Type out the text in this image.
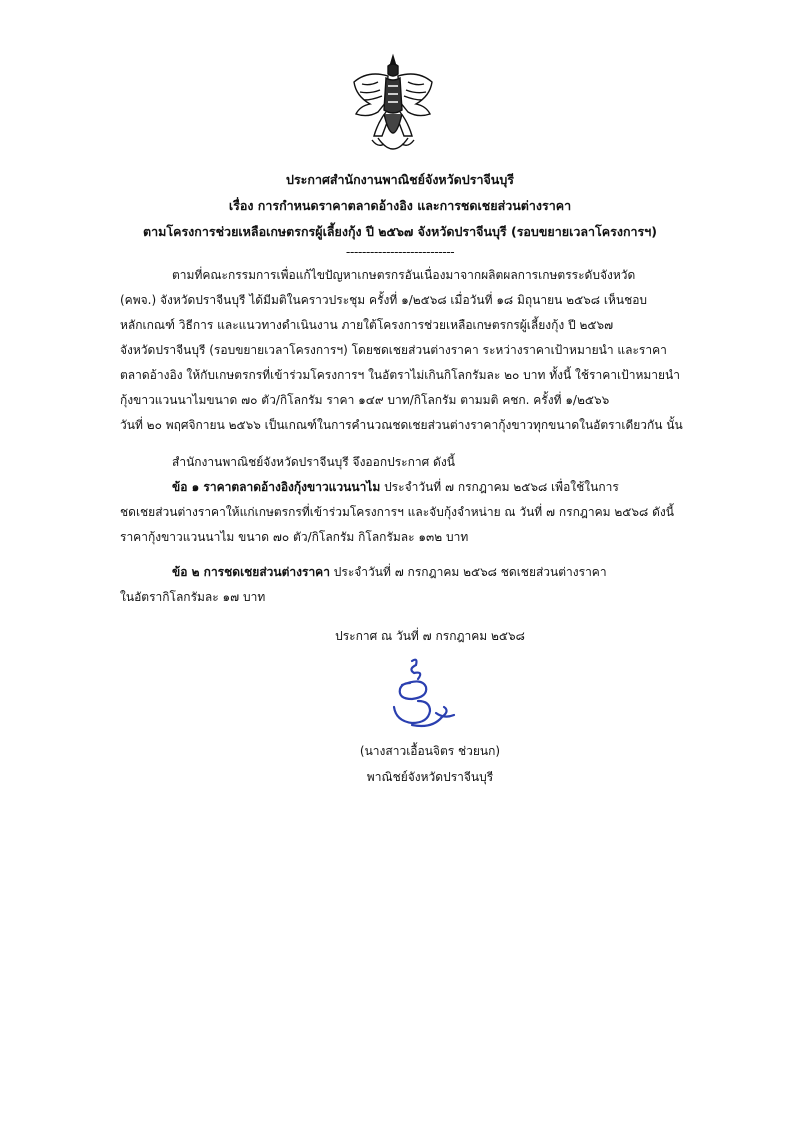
ประกาศสำนักงานพาณิชย์จังหวัดปราจีนบุรี
เรื่อง การกำหนดราคาตลาดอ้างอิง และการชดเชยส่วนต่างราคา
ตามโครงการช่วยเหลือเกษตรกรผู้เลี้ยงกุ้ง ปี ๒๕๖๗ จังหวัดปราจีนบุรี (รอบขยายเวลาโครงการฯ)
---------------------------
ตามที่คณะกรรมการเพื่อแก้ไขปัญหาเกษตรกรอันเนื่องมาจากผลิตผลการเกษตรระดับจังหวัด
(คพจ.) จังหวัดปราจีนบุรี ได้มีมติในคราวประชุม ครั้งที่ ๑/๒๕๖๘ เมื่อวันที่ ๑๘ มิถุนายน ๒๕๖๘ เห็นชอบ
หลักเกณฑ์ วิธีการ และแนวทางดำเนินงาน ภายใต้โครงการช่วยเหลือเกษตรกรผู้เลี้ยงกุ้ง ปี ๒๕๖๗
จังหวัดปราจีนบุรี (รอบขยายเวลาโครงการฯ) โดยชดเชยส่วนต่างราคา ระหว่างราคาเป้าหมายนำ และราคา
ตลาดอ้างอิง ให้กับเกษตรกรที่เข้าร่วมโครงการฯ ในอัตราไม่เกินกิโลกรัมละ ๒๐ บาท ทั้งนี้ ใช้ราคาเป้าหมายนำ
กุ้งขาวแวนนาไมขนาด ๗๐ ตัว/กิโลกรัม ราคา ๑๔๙ บาท/กิโลกรัม ตามมติ คชก. ครั้งที่ ๑/๒๕๖๖
วันที่ ๒๐ พฤศจิกายน ๒๕๖๖ เป็นเกณฑ์ในการคำนวณชดเชยส่วนต่างราคากุ้งขาวทุกขนาดในอัตราเดียวกัน นั้น
สำนักงานพาณิชย์จังหวัดปราจีนบุรี จึงออกประกาศ ดังนี้
ข้อ ๑ ราคาตลาดอ้างอิงกุ้งขาวแวนนาไม ประจำวันที่ ๗ กรกฎาคม ๒๕๖๘ เพื่อใช้ในการ
ชดเชยส่วนต่างราคาให้แก่เกษตรกรที่เข้าร่วมโครงการฯ และจับกุ้งจำหน่าย ณ วันที่ ๗ กรกฎาคม ๒๕๖๘ ดังนี้
ราคากุ้งขาวแวนนาไม ขนาด ๗๐ ตัว/กิโลกรัม กิโลกรัมละ ๑๓๒ บาท
ข้อ ๒ การชดเชยส่วนต่างราคา ประจำวันที่ ๗ กรกฎาคม ๒๕๖๘ ชดเชยส่วนต่างราคา
ในอัตรากิโลกรัมละ ๑๗ บาท
ประกาศ ณ วันที่ ๗ กรกฎาคม ๒๕๖๘
(นางสาวเอื้อนจิตร ช่วยนก)
พาณิชย์จังหวัดปราจีนบุรี
